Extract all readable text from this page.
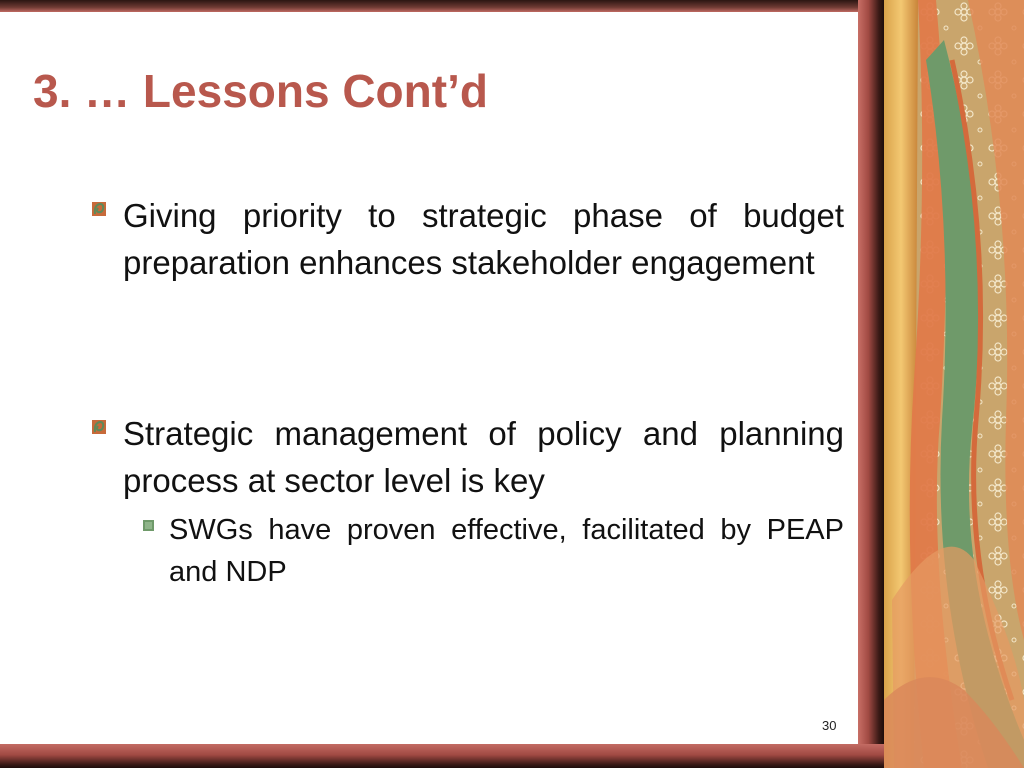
3. … Lessons Cont’d
Giving priority to strategic phase of budget preparation enhances stakeholder engagement
Strategic management of policy and planning process at sector level is key
SWGs have proven effective, facilitated by PEAP and NDP
30
